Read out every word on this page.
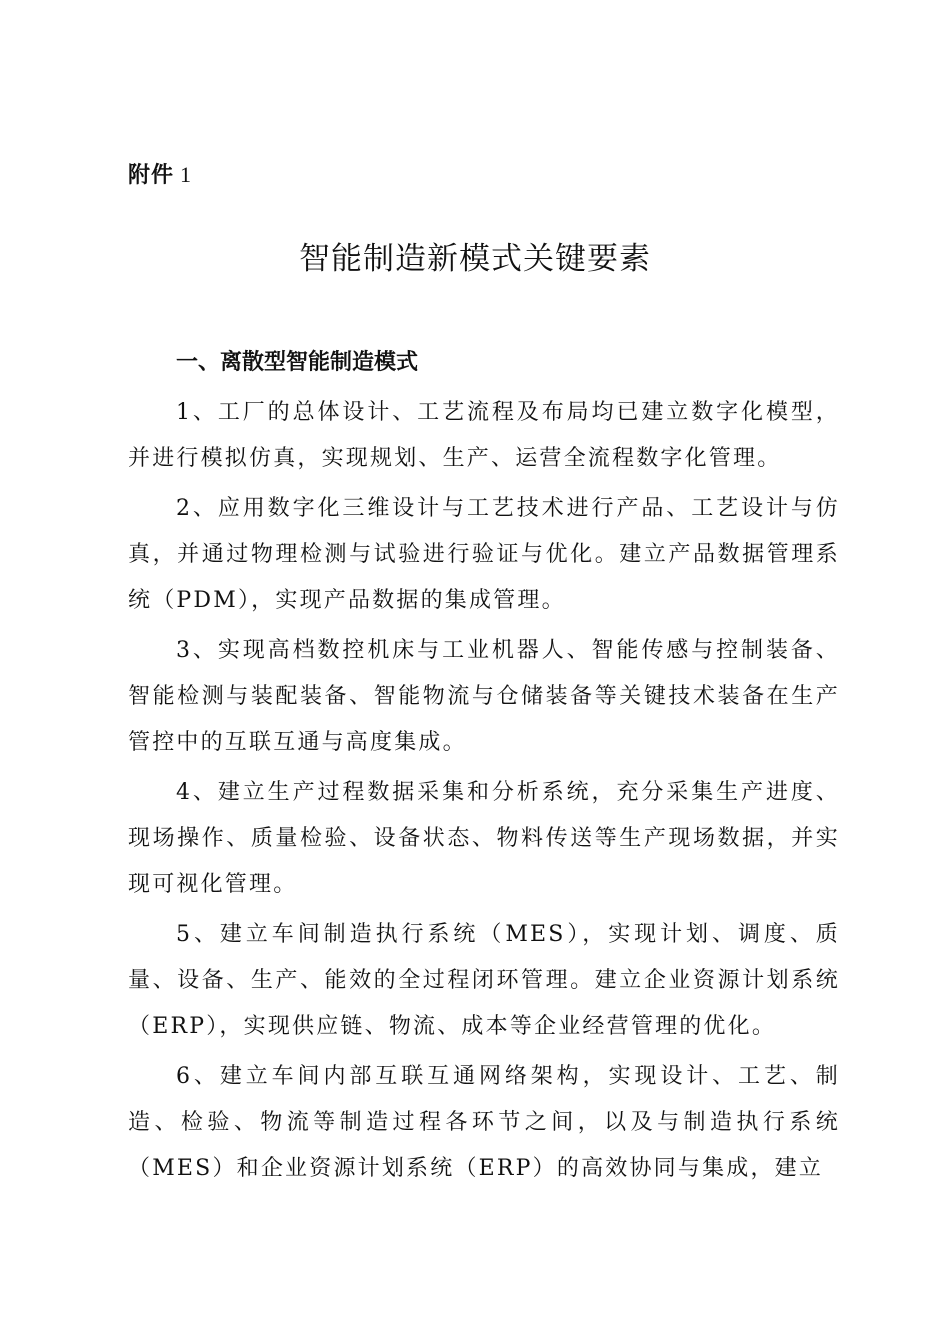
附件 1
智能制造新模式关键要素
一、离散型智能制造模式

1、工厂的总体设计、工艺流程及布局均已建立数字化模型，并进行模拟仿真，实现规划、生产、运营全流程数字化管理。

2、应用数字化三维设计与工艺技术进行产品、工艺设计与仿真，并通过物理检测与试验进行验证与优化。建立产品数据管理系统（PDM），实现产品数据的集成管理。

3、实现高档数控机床与工业机器人、智能传感与控制装备、智能检测与装配装备、智能物流与仓储装备等关键技术装备在生产管控中的互联互通与高度集成。

4、建立生产过程数据采集和分析系统，充分采集生产进度、现场操作、质量检验、设备状态、物料传送等生产现场数据，并实现可视化管理。

5、建立车间制造执行系统（MES），实现计划、调度、质量、设备、生产、能效的全过程闭环管理。建立企业资源计划系统（ERP），实现供应链、物流、成本等企业经营管理的优化。

6、建立车间内部互联互通网络架构，实现设计、工艺、制造、检验、物流等制造过程各环节之间，以及与制造执行系统（MES）和企业资源计划系统（ERP）的高效协同与集成，建立
